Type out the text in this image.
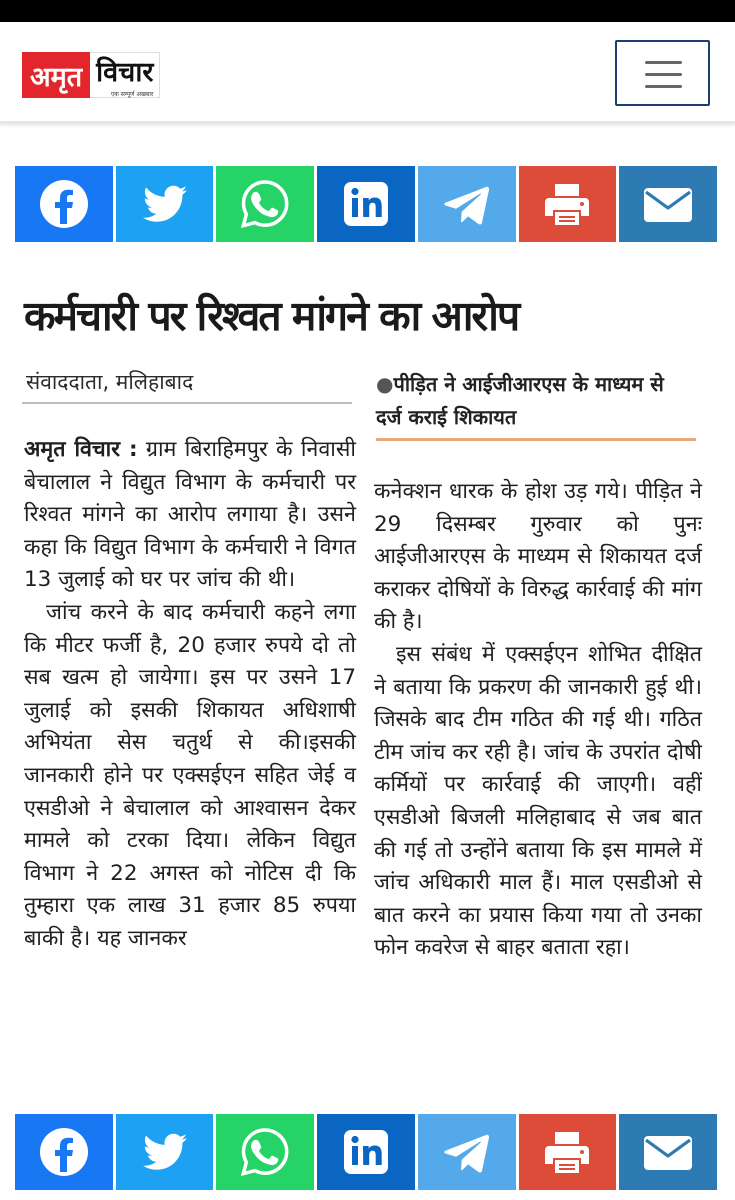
अमृत विचार
एक सम्पूर्ण अखबार
कर्मचारी पर रिश्वत मांगने का आरोप
संवाददाता, मलिहाबाद	●पीड़ित ने आईजीआरएस के माध्यम से दर्ज कराई शिकायत

अमृत विचार : ग्राम बिराहिमपुर के निवासी बेचालाल ने विद्युत विभाग के कर्मचारी पर रिश्वत मांगने का आरोप लगाया है। उसने कहा कि विद्युत विभाग के कर्मचारी ने विगत 13 जुलाई को घर पर जांच की थी।

जांच करने के बाद कर्मचारी कहने लगा कि मीटर फर्जी है, 20 हजार रुपये दो तो सब खत्म हो जायेगा। इस पर उसने 17 जुलाई को इसकी शिकायत अधिशाषी अभियंता सेस चतुर्थ से की।इसकी जानकारी होने पर एक्सईएन सहित जेई व एसडीओ ने बेचालाल को आश्वासन देकर मामले को टरका दिया। लेकिन विद्युत विभाग ने 22 अगस्त को नोटिस दी कि तुम्हारा एक लाख 31 हजार 85 रुपया बाकी है। यह जानकर

कनेक्शन धारक के होश उड़ गये। पीड़ित ने 29 दिसम्बर गुरुवार को पुनः आईजीआरएस के माध्यम से शिकायत दर्ज कराकर दोषियों के विरुद्ध कार्रवाई की मांग की है।

इस संबंध में एक्सईएन शोभित दीक्षित ने बताया कि प्रकरण की जानकारी हुई थी। जिसके बाद टीम गठित की गई थी। गठित टीम जांच कर रही है। जांच के उपरांत दोषी कर्मियों पर कार्रवाई की जाएगी। वहीं एसडीओ बिजली मलिहाबाद से जब बात की गई तो उन्होंने बताया कि इस मामले में जांच अधिकारी माल हैं। माल एसडीओ से बात करने का प्रयास किया गया तो उनका फोन कवरेज से बाहर बताता रहा।
